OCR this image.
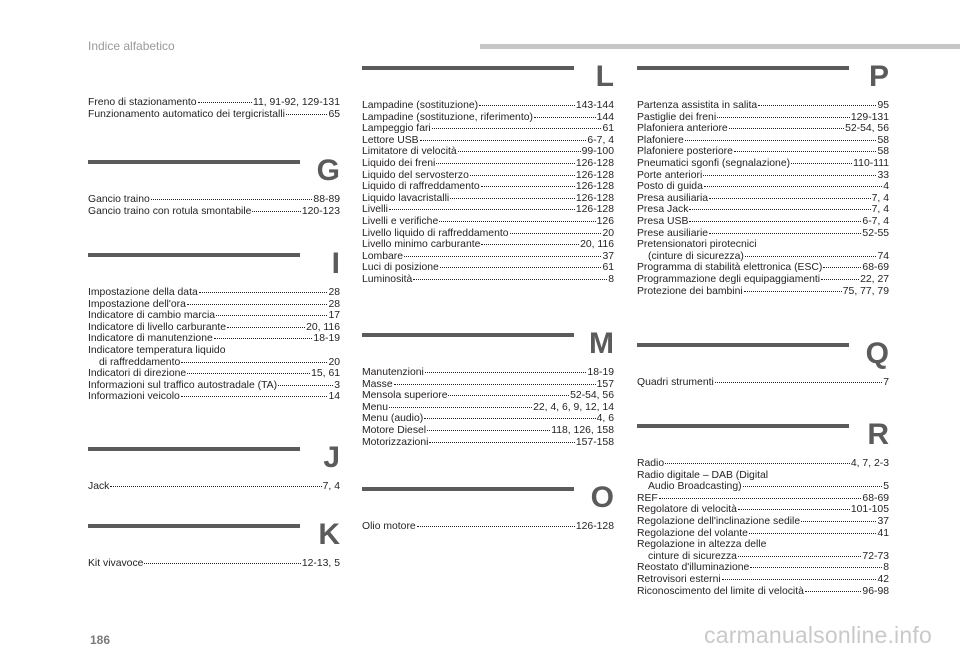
Indice alfabetico
Freno di stazionamento	11, 91-92, 129-131
Funzionamento automatico dei tergicristalli	65
G
Gancio traino	88-89
Gancio traino con rotula smontabile	120-123
I
Impostazione della data	28
Impostazione dell'ora	28
Indicatore di cambio marcia	17
Indicatore di livello carburante	20, 116
Indicatore di manutenzione	18-19
Indicatore temperatura liquido
di raffreddamento	20
Indicatori di direzione	15, 61
Informazioni sul traffico autostradale (TA)	3
Informazioni veicolo	14
J
Jack	7, 4
K
Kit vivavoce	12-13, 5
L
Lampadine (sostituzione)	143-144
Lampadine (sostituzione, riferimento)	144
Lampeggio fari	61
Lettore USB	6-7, 4
Limitatore di velocità	99-100
Liquido dei freni	126-128
Liquido del servosterzo	126-128
Liquido di raffreddamento	126-128
Liquido lavacristalli	126-128
Livelli	126-128
Livelli e verifiche	126
Livello liquido di raffreddamento	20
Livello minimo carburante	20, 116
Lombare	37
Luci di posizione	61
Luminosità	8
M
Manutenzioni	18-19
Masse	157
Mensola superiore	52-54, 56
Menu	22, 4, 6, 9, 12, 14
Menu (audio)	4, 6
Motore Diesel	118, 126, 158
Motorizzazioni	157-158
O
Olio motore	126-128
P
Partenza assistita in salita	95
Pastiglie dei freni	129-131
Plafoniera anteriore	52-54, 56
Plafoniere	58
Plafoniere posteriore	58
Pneumatici sgonfi (segnalazione)	110-111
Porte anteriori	33
Posto di guida	4
Presa ausiliaria	7, 4
Presa Jack	7, 4
Presa USB	6-7, 4
Prese ausiliarie	52-55
Pretensionatori pirotecnici
(cinture di sicurezza)	74
Programma di stabilità elettronica (ESC)	68-69
Programmazione degli equipaggiamenti	22, 27
Protezione dei bambini	75, 77, 79
Q
Quadri strumenti	7
R
Radio	4, 7, 2-3
Radio digitale – DAB (Digital
Audio Broadcasting)	5
REF	68-69
Regolatore di velocità	101-105
Regolazione dell'inclinazione sedile	37
Regolazione del volante	41
Regolazione in altezza delle
cinture di sicurezza	72-73
Reostato d'illuminazione	8
Retrovisori esterni	42
Riconoscimento del limite di velocità	96-98
186	carmanualsonline.info
